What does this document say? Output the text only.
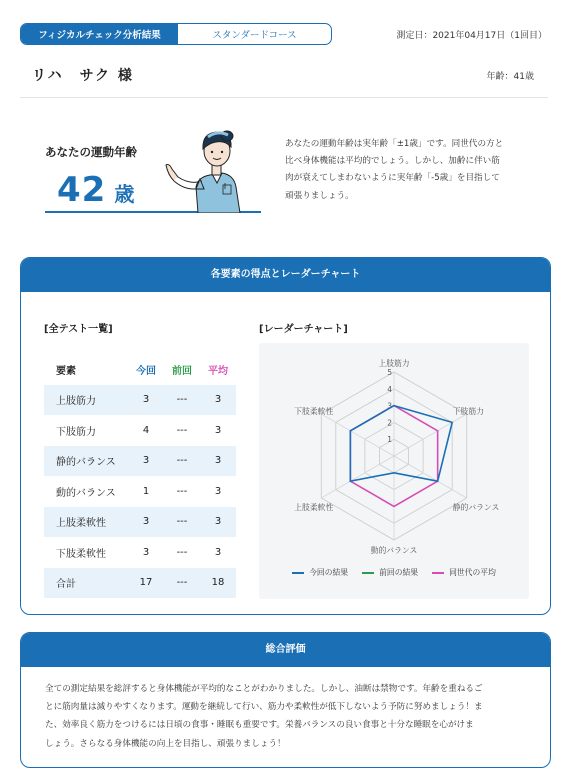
フィジカルチェック分析結果	スタンダードコース	測定日：2021年04月17日（1回目）
リハ　サク 様	年齢：41歳
あなたの運動年齢
42 歳
あなたの運動年齢は実年齢「±1歳」です。同世代の方と
比べ身体機能は平均的でしょう。しかし、加齢に伴い筋
肉が衰えてしまわないように実年齢「-5歳」を目指して
頑張りましょう。
各要素の得点とレーダーチャート
[全テスト一覧]	[レーダーチャート]
要素	今回	前回	平均
上肢筋力	3	---	3
下肢筋力	4	---	3
静的バランス	3	---	3
動的バランス	1	---	3
上肢柔軟性	3	---	3
下肢柔軟性	3	---	3
合計	17	---	18
1
2
3
4
5
上肢筋力
下肢筋力
静的バランス
動的バランス
上肢柔軟性
下肢柔軟性
今回の結果	前回の結果	同世代の平均
総合評価
全ての測定結果を総評すると身体機能が平均的なことがわかりました。しかし、油断は禁物です。年齢を重ねるご
とに筋肉量は減りやすくなります。運動を継続して行い、筋力や柔軟性が低下しないよう予防に努めましょう！ま
た、効率良く筋力をつけるには日頃の食事・睡眠も重要です。栄養バランスの良い食事と十分な睡眠を心がけま
しょう。さらなる身体機能の向上を目指し、頑張りましょう！
